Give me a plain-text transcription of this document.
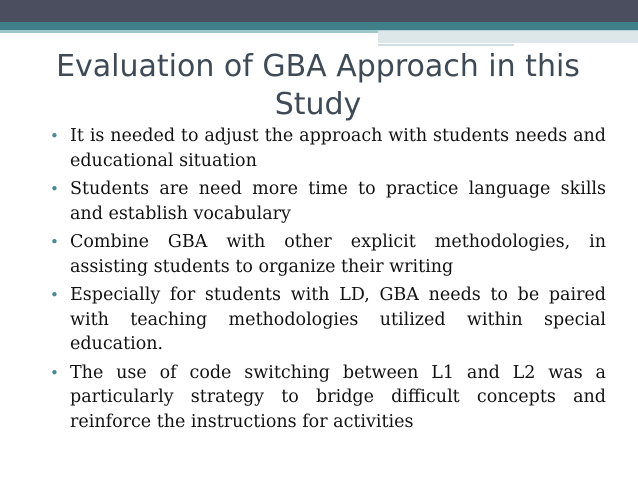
Evaluation of GBA Approach in this Study
• It is needed to adjust the approach with students needs and educational situation
• Students are need more time to practice language skills and establish vocabulary
• Combine GBA with other explicit methodologies, in assisting students to organize their writing
• Especially for students with LD, GBA needs to be paired with teaching methodologies utilized within special education.
• The use of code switching between L1 and L2 was a particularly strategy to bridge difficult concepts and reinforce the instructions for activities
